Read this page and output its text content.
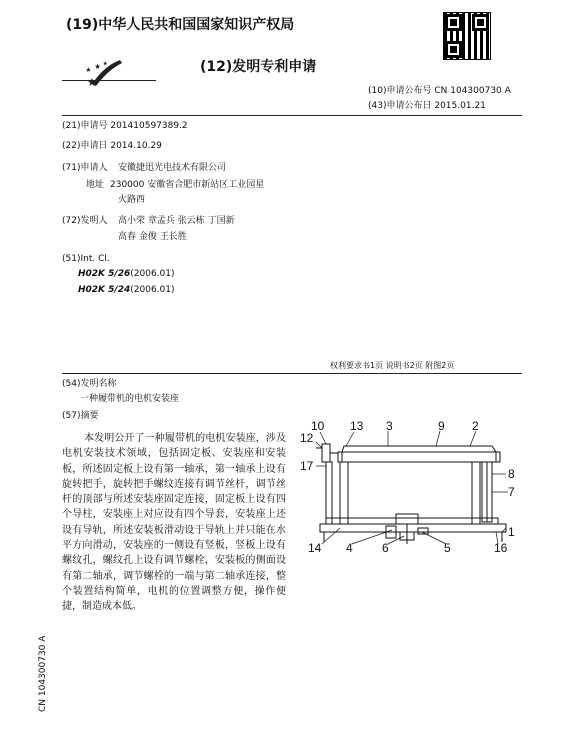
(19)中华人民共和国国家知识产权局
(12)发明专利申请
(10)申请公布号 CN 104300730 A
(43)申请公布日 2015.01.21
(21)申请号 201410597389.2
(22)申请日 2014.10.29
(71)申请人 安徽捷迅光电技术有限公司
地址 230000 安徽省合肥市新站区工业园星
火路西
(72)发明人 高小荣 章孟兵 张云栋 丁国新
高春 金俊 王长胜
(51)Int. Cl.
H02K 5/26(2006.01)
H02K 5/24(2006.01)
权利要求书1页 说明书2页 附图2页
(54)发明名称
一种履带机的电机安装座
(57)摘要
本发明公开了一种履带机的电机安装座，涉及电机安装技术领域，包括固定板、安装座和安装板，所述固定板上设有第一轴承，第一轴承上设有旋转把手，旋转把手螺纹连接有调节丝杆，调节丝杆的顶部与所述安装座固定连接，固定板上设有四个导柱，安装座上对应设有四个导套，安装座上还设有导轨，所述安装板滑动设于导轨上并只能在水平方向滑动，安装座的一侧设有竖板，竖板上设有螺纹孔，螺纹孔上设有调节螺栓，安装板的侧面设有第二轴承，调节螺栓的一端与第二轴承连接，整个装置结构简单，电机的位置调整方便，操作便捷，制造成本低。
CN 104300730 A
10 13 3	9 2
12
17
8
7
1
14 4 6	5	16
